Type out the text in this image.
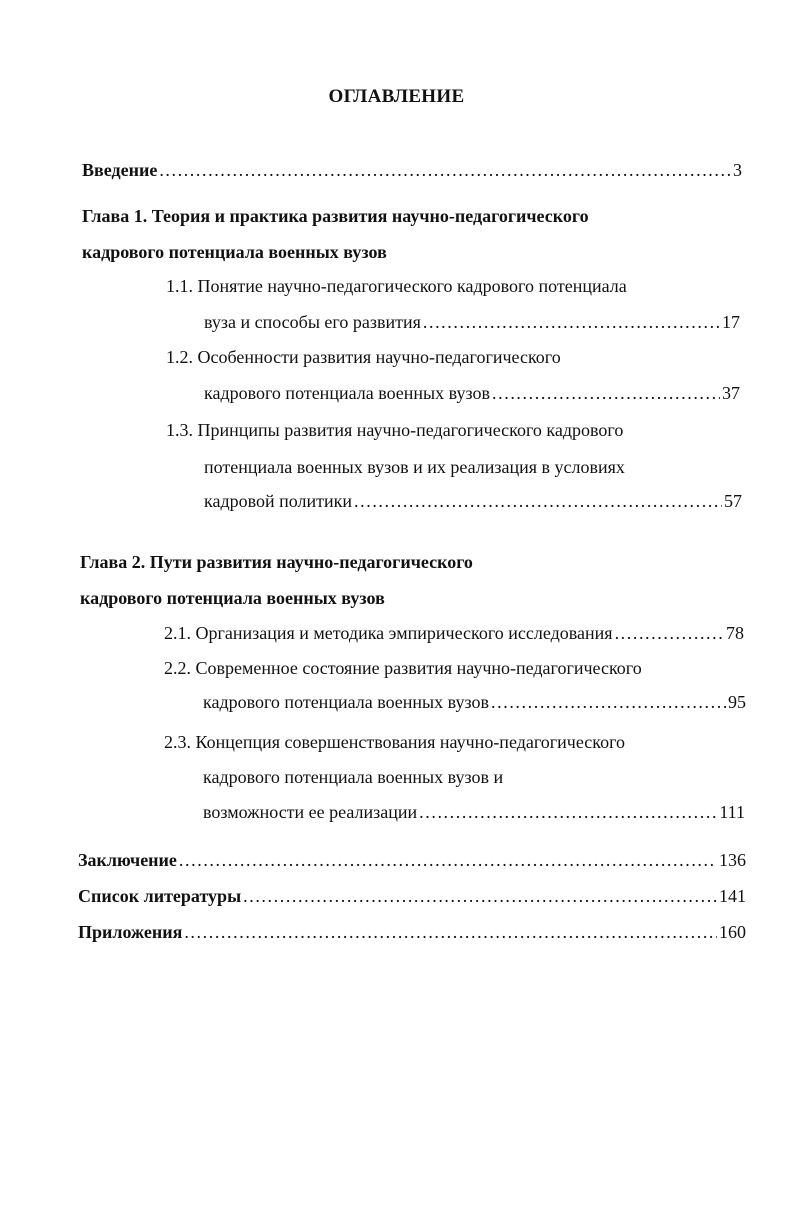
ОГЛАВЛЕНИЕ
Введение .....	3
Глава 1. Теория и практика развития научно-педагогического
кадрового потенциала военных вузов
1.1. Понятие научно-педагогического кадрового потенциала
вуза и способы его развития .....	17
1.2. Особенности развития научно-педагогического
кадрового потенциала военных вузов .....	37
1.3. Принципы развития научно-педагогического кадрового
потенциала военных вузов и их реализация в условиях
кадровой политики .....	57
Глава 2. Пути развития научно-педагогического
кадрового потенциала военных вузов
2.1. Организация и методика эмпирического исследования .....	78
2.2. Современное состояние развития научно-педагогического
кадрового потенциала военных вузов .....	95
2.3. Концепция совершенствования научно-педагогического
кадрового потенциала военных вузов и
возможности ее реализации .....	111
Заключение .....	136
Список литературы .....	141
Приложения .....	160
